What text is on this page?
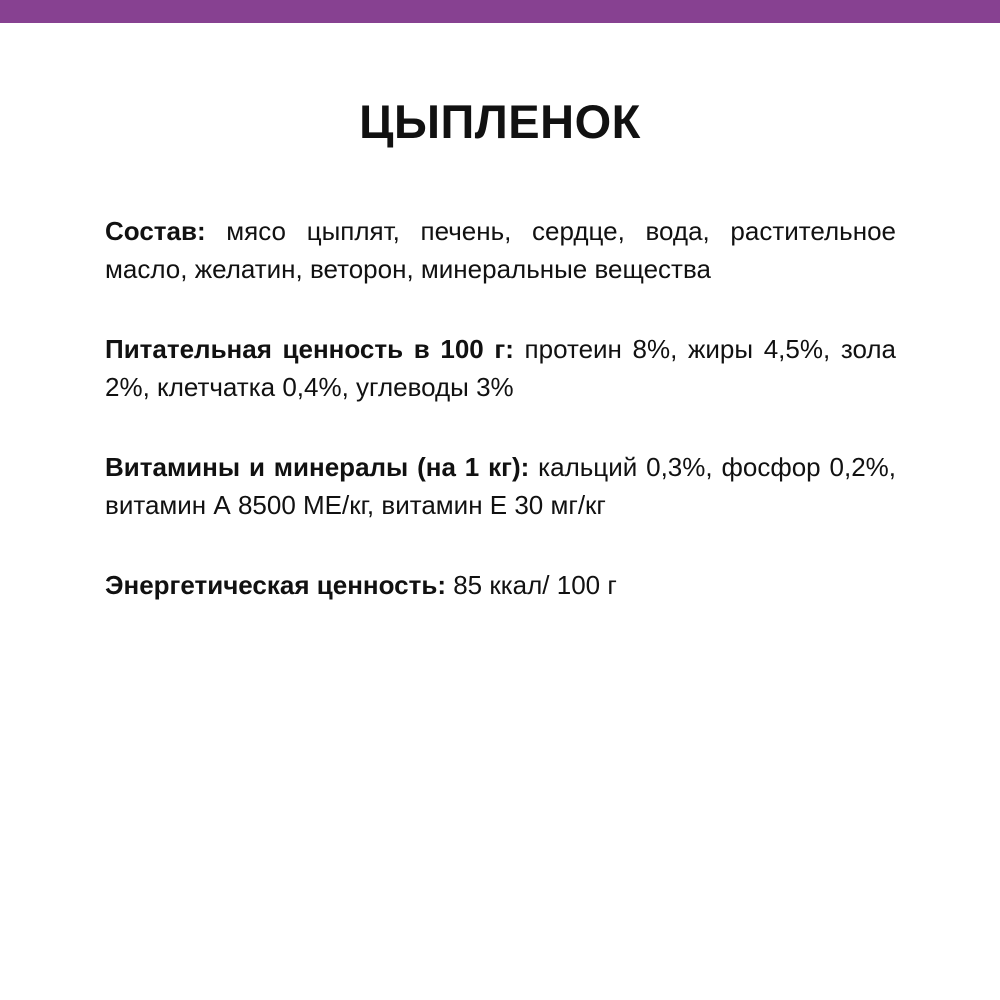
ЦЫПЛЕНОК

Состав: мясо цыплят, печень, сердце, вода, растительное масло, желатин, веторон, минеральные вещества

Питательная ценность в 100 г: протеин 8%, жиры 4,5%, зола 2%, клетчатка 0,4%, углеводы 3%

Витамины и минералы (на 1 кг): кальций 0,3%, фосфор 0,2%, витамин А 8500 МЕ/кг, витамин Е 30 мг/кг

Энергетическая ценность: 85 ккал/ 100 г
